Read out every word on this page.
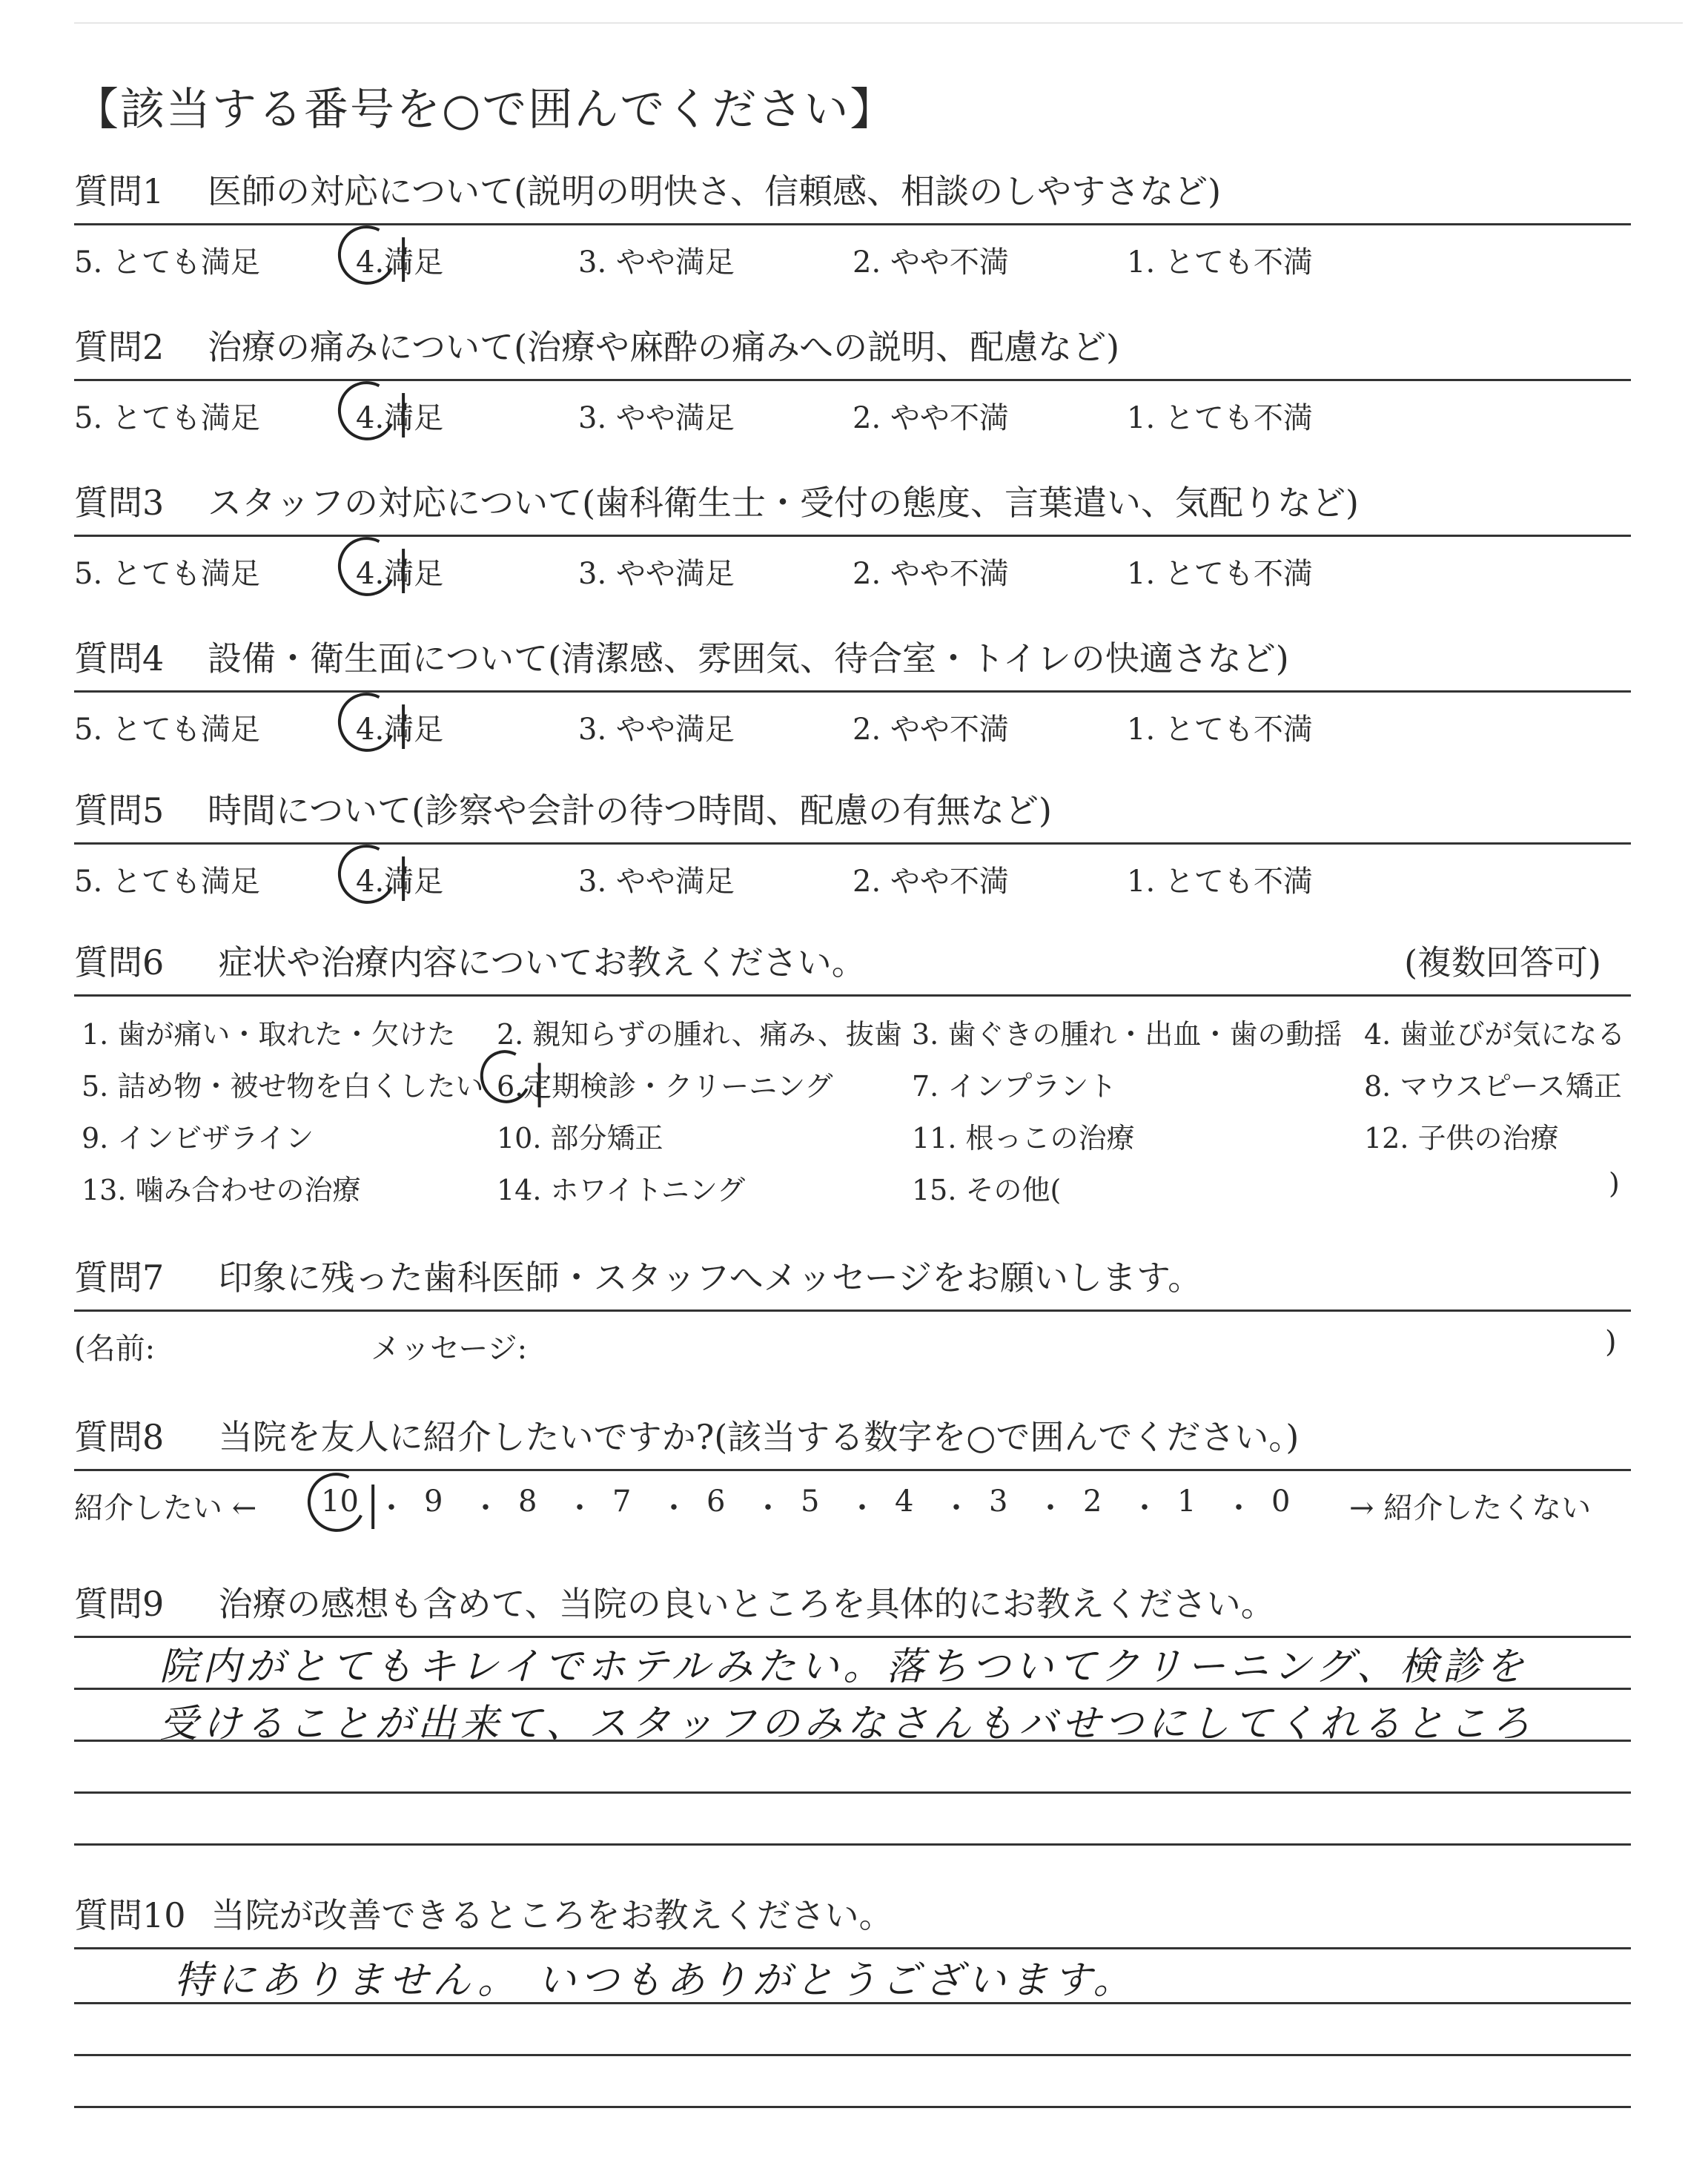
【該当する番号を○で囲んでください】
質問1 医師の対応について(説明の明快さ、信頼感、相談のしやすさなど)
5. とても満足	4.満足	3. やや満足	2. やや不満	1. とても不満
質問2 治療の痛みについて(治療や麻酔の痛みへの説明、配慮など)
5. とても満足	4.満足	3. やや満足	2. やや不満	1. とても不満
質問3 スタッフの対応について(歯科衛生士・受付の態度、言葉遣い、気配りなど)
5. とても満足	4.満足	3. やや満足	2. やや不満	1. とても不満
質問4 設備・衛生面について(清潔感、雰囲気、待合室・トイレの快適さなど)
5. とても満足	4.満足	3. やや満足	2. やや不満	1. とても不満
質問5 時間について(診察や会計の待つ時間、配慮の有無など)
5. とても満足	4.満足	3. やや満足	2. やや不満	1. とても不満
質問6 症状や治療内容についてお教えください。	(複数回答可)
1. 歯が痛い・取れた・欠けた 2. 親知らずの腫れ、痛み、抜歯 3. 歯ぐきの腫れ・出血・歯の動揺 4. 歯並びが気になる
5. 詰め物・被せ物を白くしたい 6.定期検診・クリーニング	7. インプラント	8. マウスピース矯正
9. インビザライン	10. 部分矯正	11. 根っこの治療	12. 子供の治療
13. 噛み合わせの治療	14. ホワイトニング	15. その他(	)
質問7 印象に残った歯科医師・スタッフへメッセージをお願いします。
(名前:	メッセージ:	)
質問8 当院を友人に紹介したいですか?(該当する数字を○で囲んでください。)
紹介したい ←	→ 紹介したくない
10 ・ 9 ・ 8 ・ 7 ・ 6 ・ 5 ・ 4 ・ 3 ・ 2 ・ 1 ・ 0
質問9 治療の感想も含めて、当院の良いところを具体的にお教えください。
院内がとてもキレイでホテルみたい。落ちついてクリーニング、検診を
受けることが出来て、スタッフのみなさんもバせつにしてくれるところ
質問10 当院が改善できるところをお教えください。
特にありません。 いつもありがとうございます。
